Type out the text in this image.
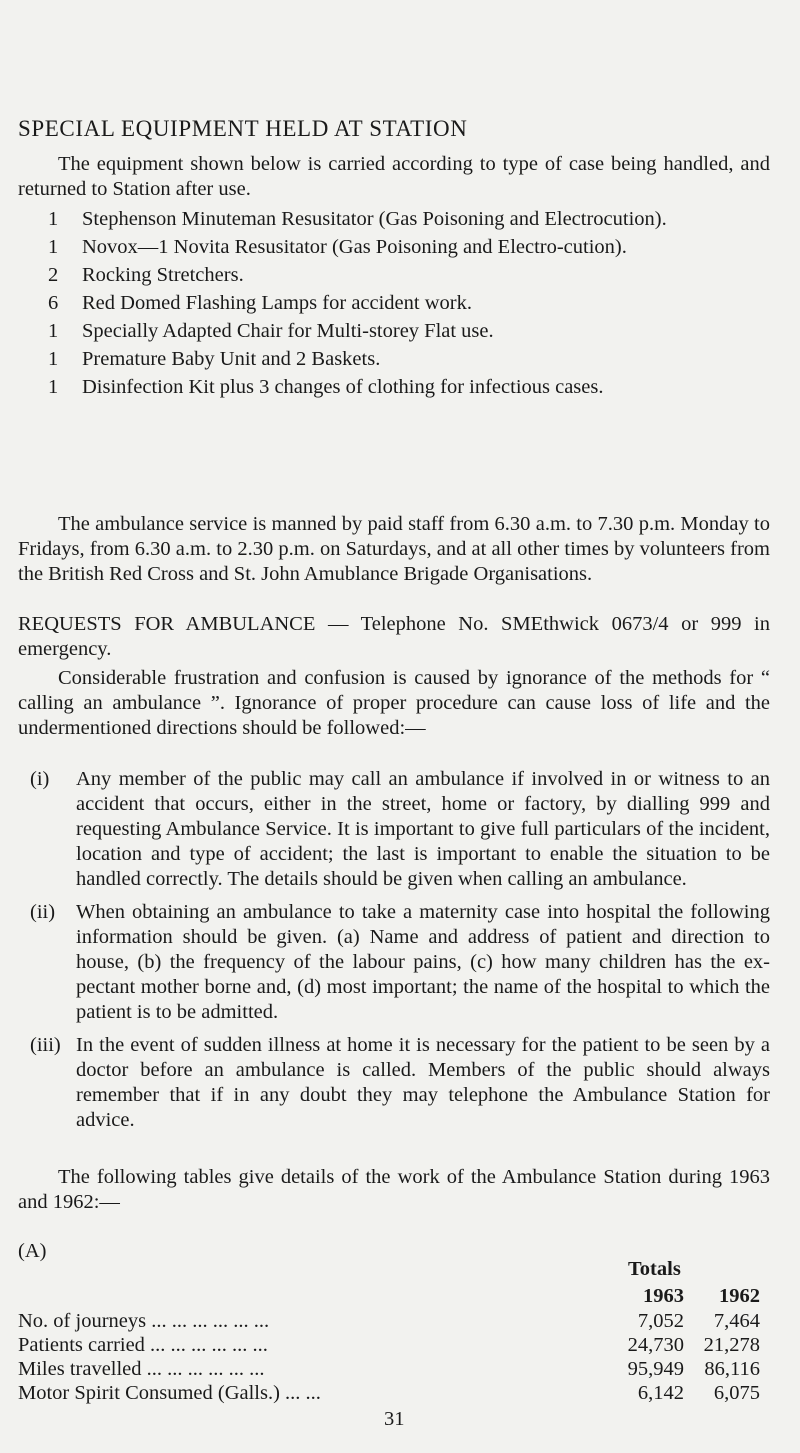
SPECIAL EQUIPMENT HELD AT STATION
The equipment shown below is carried according to type of case being handled, and returned to Station after use.
1	Stephenson Minuteman Resusitator (Gas Poisoning and Electrocution).
1	Novox—1 Novita Resusitator (Gas Poisoning and Electro-cution).
2	Rocking Stretchers.
6	Red Domed Flashing Lamps for accident work.
1	Specially Adapted Chair for Multi-storey Flat use.
1	Premature Baby Unit and 2 Baskets.
1	Disinfection Kit plus 3 changes of clothing for infectious cases.
The ambulance service is manned by paid staff from 6.30 a.m. to 7.30 p.m. Monday to Fridays, from 6.30 a.m. to 2.30 p.m. on Saturdays, and at all other times by volunteers from the British Red Cross and St. John Amublance Brigade Organisations.
REQUESTS FOR AMBULANCE — Telephone No. SMEthwick 0673/4 or 999 in emergency.
Considerable frustration and confusion is caused by ignorance of the methods for “ calling an ambulance ”. Ignorance of proper procedure can cause loss of life and the undermentioned directions should be followed:—
(i)	Any member of the public may call an ambulance if involved in or witness to an accident that occurs, either in the street, home or factory, by dialling 999 and requesting Ambulance Service. It is important to give full particulars of the incident, location and type of accident; the last is important to enable the situation to be handled correctly. The details should be given when calling an ambulance.
(ii)	When obtaining an ambulance to take a maternity case into hospital the following information should be given. (a) Name and address of patient and direction to house, (b) the frequency of the labour pains, (c) how many children has the ex-pectant mother borne and, (d) most important; the name of the hospital to which the patient is to be admitted.
(iii) In the event of sudden illness at home it is necessary for the patient to be seen by a doctor before an ambulance is called. Members of the public should always remember that if in any doubt they may telephone the Ambulance Station for advice.
The following tables give details of the work of the Ambulance Station during 1963 and 1962:—
(A)
Totals
	1963	1962
No. of journeys ... ... ... ... ... ...	7,052	7,464
Patients carried ... ... ... ... ... ...	24,730	21,278
Miles travelled ... ... ... ... ... ...	95,949	86,116
Motor Spirit Consumed (Galls.) ... ...	6,142	6,075
31
